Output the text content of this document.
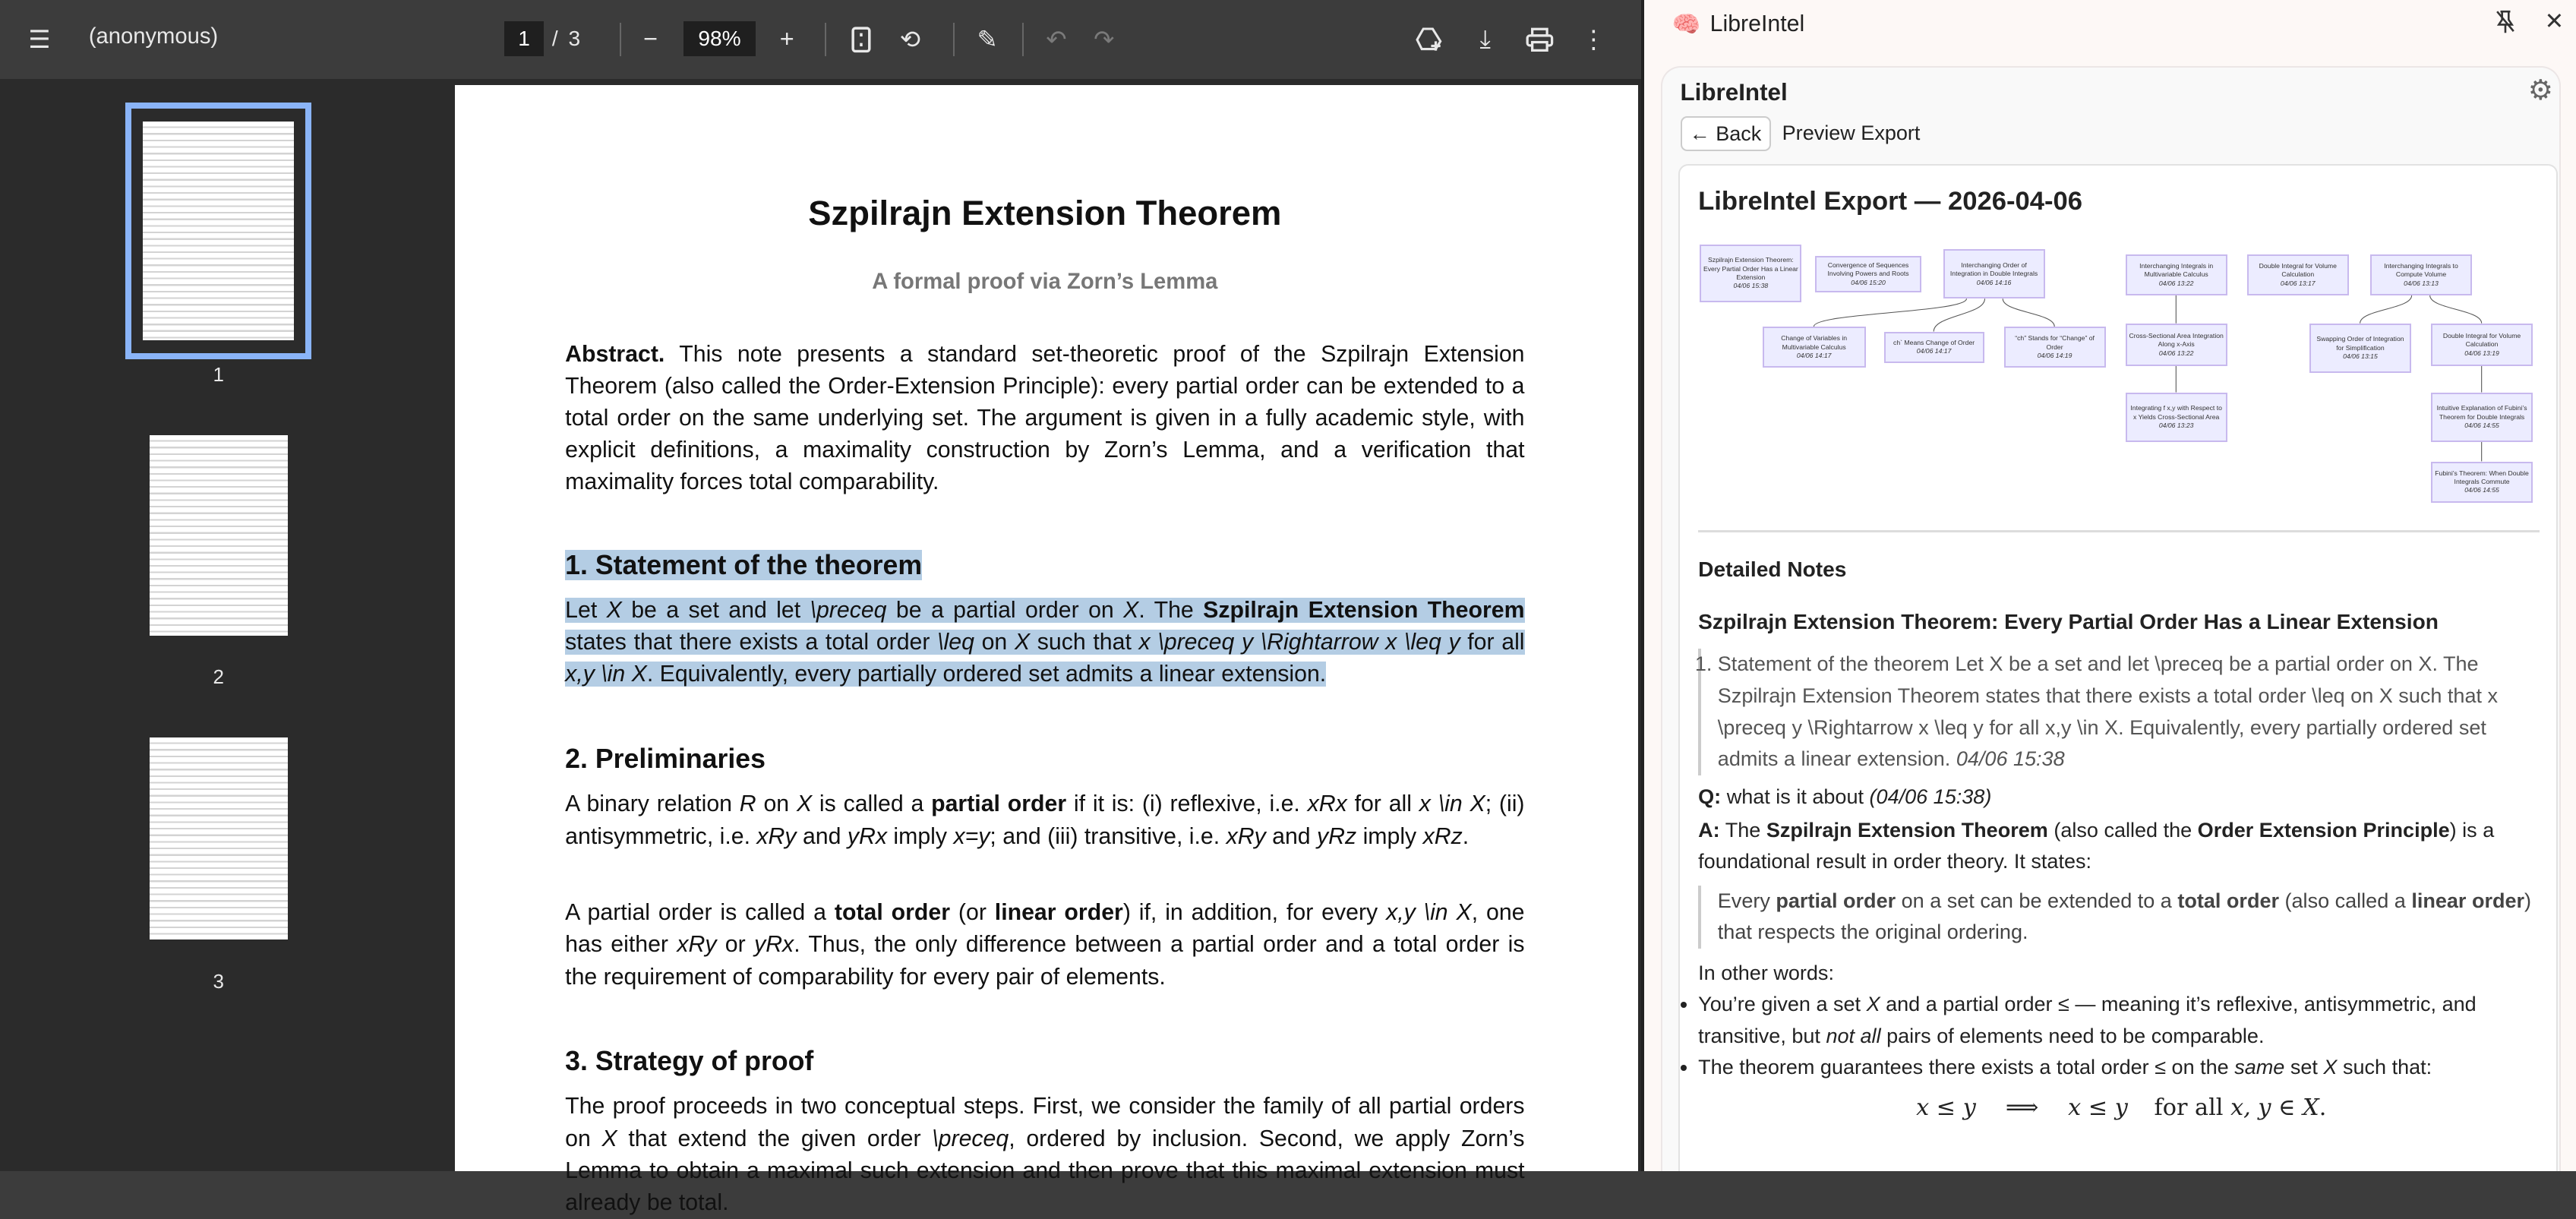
☰	(anonymous)	1	/ 3	−	98%	+	⟲	✎	↶	↷	⤓	⋮
1
2
3
Szpilrajn Extension Theorem
A formal proof via Zorn’s Lemma
Abstract. This note presents a standard set-theoretic proof of the Szpilrajn Extension Theorem (also called the Order-Extension Principle): every partial order can be extended to a total order on the same underlying set. The argument is given in a fully academic style, with explicit definitions, a maximality construction by Zorn’s Lemma, and a verification that maximality forces total comparability.
1. Statement of the theorem
Let X be a set and let \preceq be a partial order on X. The Szpilrajn Extension Theorem states that there exists a total order \leq on X such that x \preceq y \Rightarrow x \leq y for all x,y \in X. Equivalently, every partially ordered set admits a linear extension.
2. Preliminaries
A binary relation R on X is called a partial order if it is: (i) reflexive, i.e. xRx for all x \in X; (ii) antisymmetric, i.e. xRy and yRx imply x=y; and (iii) transitive, i.e. xRy and yRz imply xRz.
A partial order is called a total order (or linear order) if, in addition, for every x,y \in X, one has either xRy or yRx. Thus, the only difference between a partial order and a total order is the requirement of comparability for every pair of elements.
3. Strategy of proof
The proof proceeds in two conceptual steps. First, we consider the family of all partial orders on X that extend the given order \preceq, ordered by inclusion. Second, we apply Zorn’s Lemma to obtain a maximal such extension and then prove that this maximal extension must already be total.
🧠 LibreIntel	✕
LibreIntel	⚙
← Back	Preview Export
LibreIntel Export — 2026-04-06
Szpilrajn Extension Theorem: Every Partial Order Has a Linear Extension
04/06 15:38
Convergence of Sequences Involving Powers and Roots
04/06 15:20
Interchanging Order of Integration in Double Integrals
04/06 14:16
Change of Variables in Multivariable Calculus
04/06 14:17
ch` Means Change of Order
04/06 14:17
“ch” Stands for “Change” of Order
04/06 14:19
Interchanging Integrals in Multivariable Calculus
04/06 13:22
Double Integral for Volume Calculation
04/06 13:17
Interchanging Integrals to Compute Volume
04/06 13:13
Cross-Sectional Area Integration Along x-Axis
04/06 13:22
Integrating f x,y with Respect to x Yields Cross-Sectional Area
04/06 13:23
Swapping Order of Integration for Simplification
04/06 13:15
Double Integral for Volume Calculation
04/06 13:19
Intuitive Explanation of Fubini’s Theorem for Double Integrals
04/06 14:55
Fubini’s Theorem: When Double Integrals Commute
04/06 14:55
Detailed Notes
Szpilrajn Extension Theorem: Every Partial Order Has a Linear Extension
1. Statement of the theorem Let X be a set and let \preceq be a partial order on X. The Szpilrajn Extension Theorem states that there exists a total order \leq on X such that x \preceq y \Rightarrow x \leq y for all x,y \in X. Equivalently, every partially ordered set admits a linear extension. 04/06 15:38
Q: what is it about (04/06 15:38)
A: The Szpilrajn Extension Theorem (also called the Order Extension Principle) is a foundational result in order theory. It states:
Every partial order on a set can be extended to a total order (also called a linear order) that respects the original ordering.
In other words:
• You’re given a set X and a partial order ≤ — meaning it’s reflexive, antisymmetric, and transitive, but not all pairs of elements need to be comparable.
• The theorem guarantees there exists a total order ≤ on the same set X such that:
x ≤ y ⟹ x ≤ y for all x, y ∈ X.
